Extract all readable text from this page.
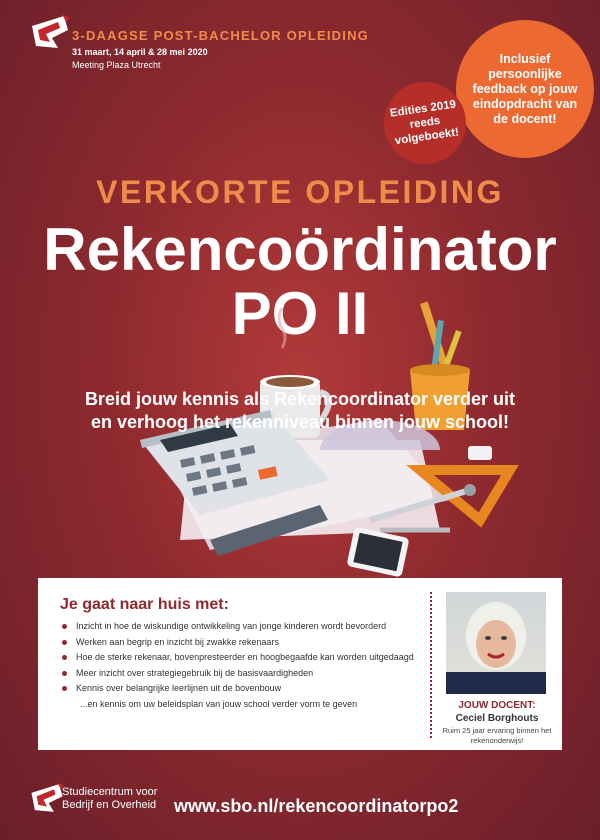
3-DAAGSE POST-BACHELOR OPLEIDING
31 maart, 14 april & 28 mei 2020
Meeting Plaza Utrecht	Inclusief persoonlijke feedback op jouw eindopdracht van de docent!
Edities 2019 reeds volgeboekt!
VERKORTE OPLEIDING
Rekencoördinator
PO II
Breid jouw kennis als Rekencoordinator verder uit
en verhoog het rekenniveau binnen jouw school!
Je gaat naar huis met:
Inzicht in hoe de wiskundige ontwikkeling van jonge kinderen wordt bevorderd
Werken aan begrip en inzicht bij zwakke rekenaars
Hoe de sterke rekenaar, bovenpresteerder en hoogbegaafde kan worden uitgedaagd
Meer inzicht over strategiegebruik bij de basisvaardigheden
Kennis over belangrijke leerlijnen uit de bovenbouw
...en kennis om uw beleidsplan van jouw school verder vorm te geven	JOUW DOCENT:
Ceciel Borghouts
Ruim 25 jaar ervaring binnen het rekenonderwijs!
Studiecentrum voor
Bedrijf en Overheid www.sbo.nl/rekencoordinatorpo2
